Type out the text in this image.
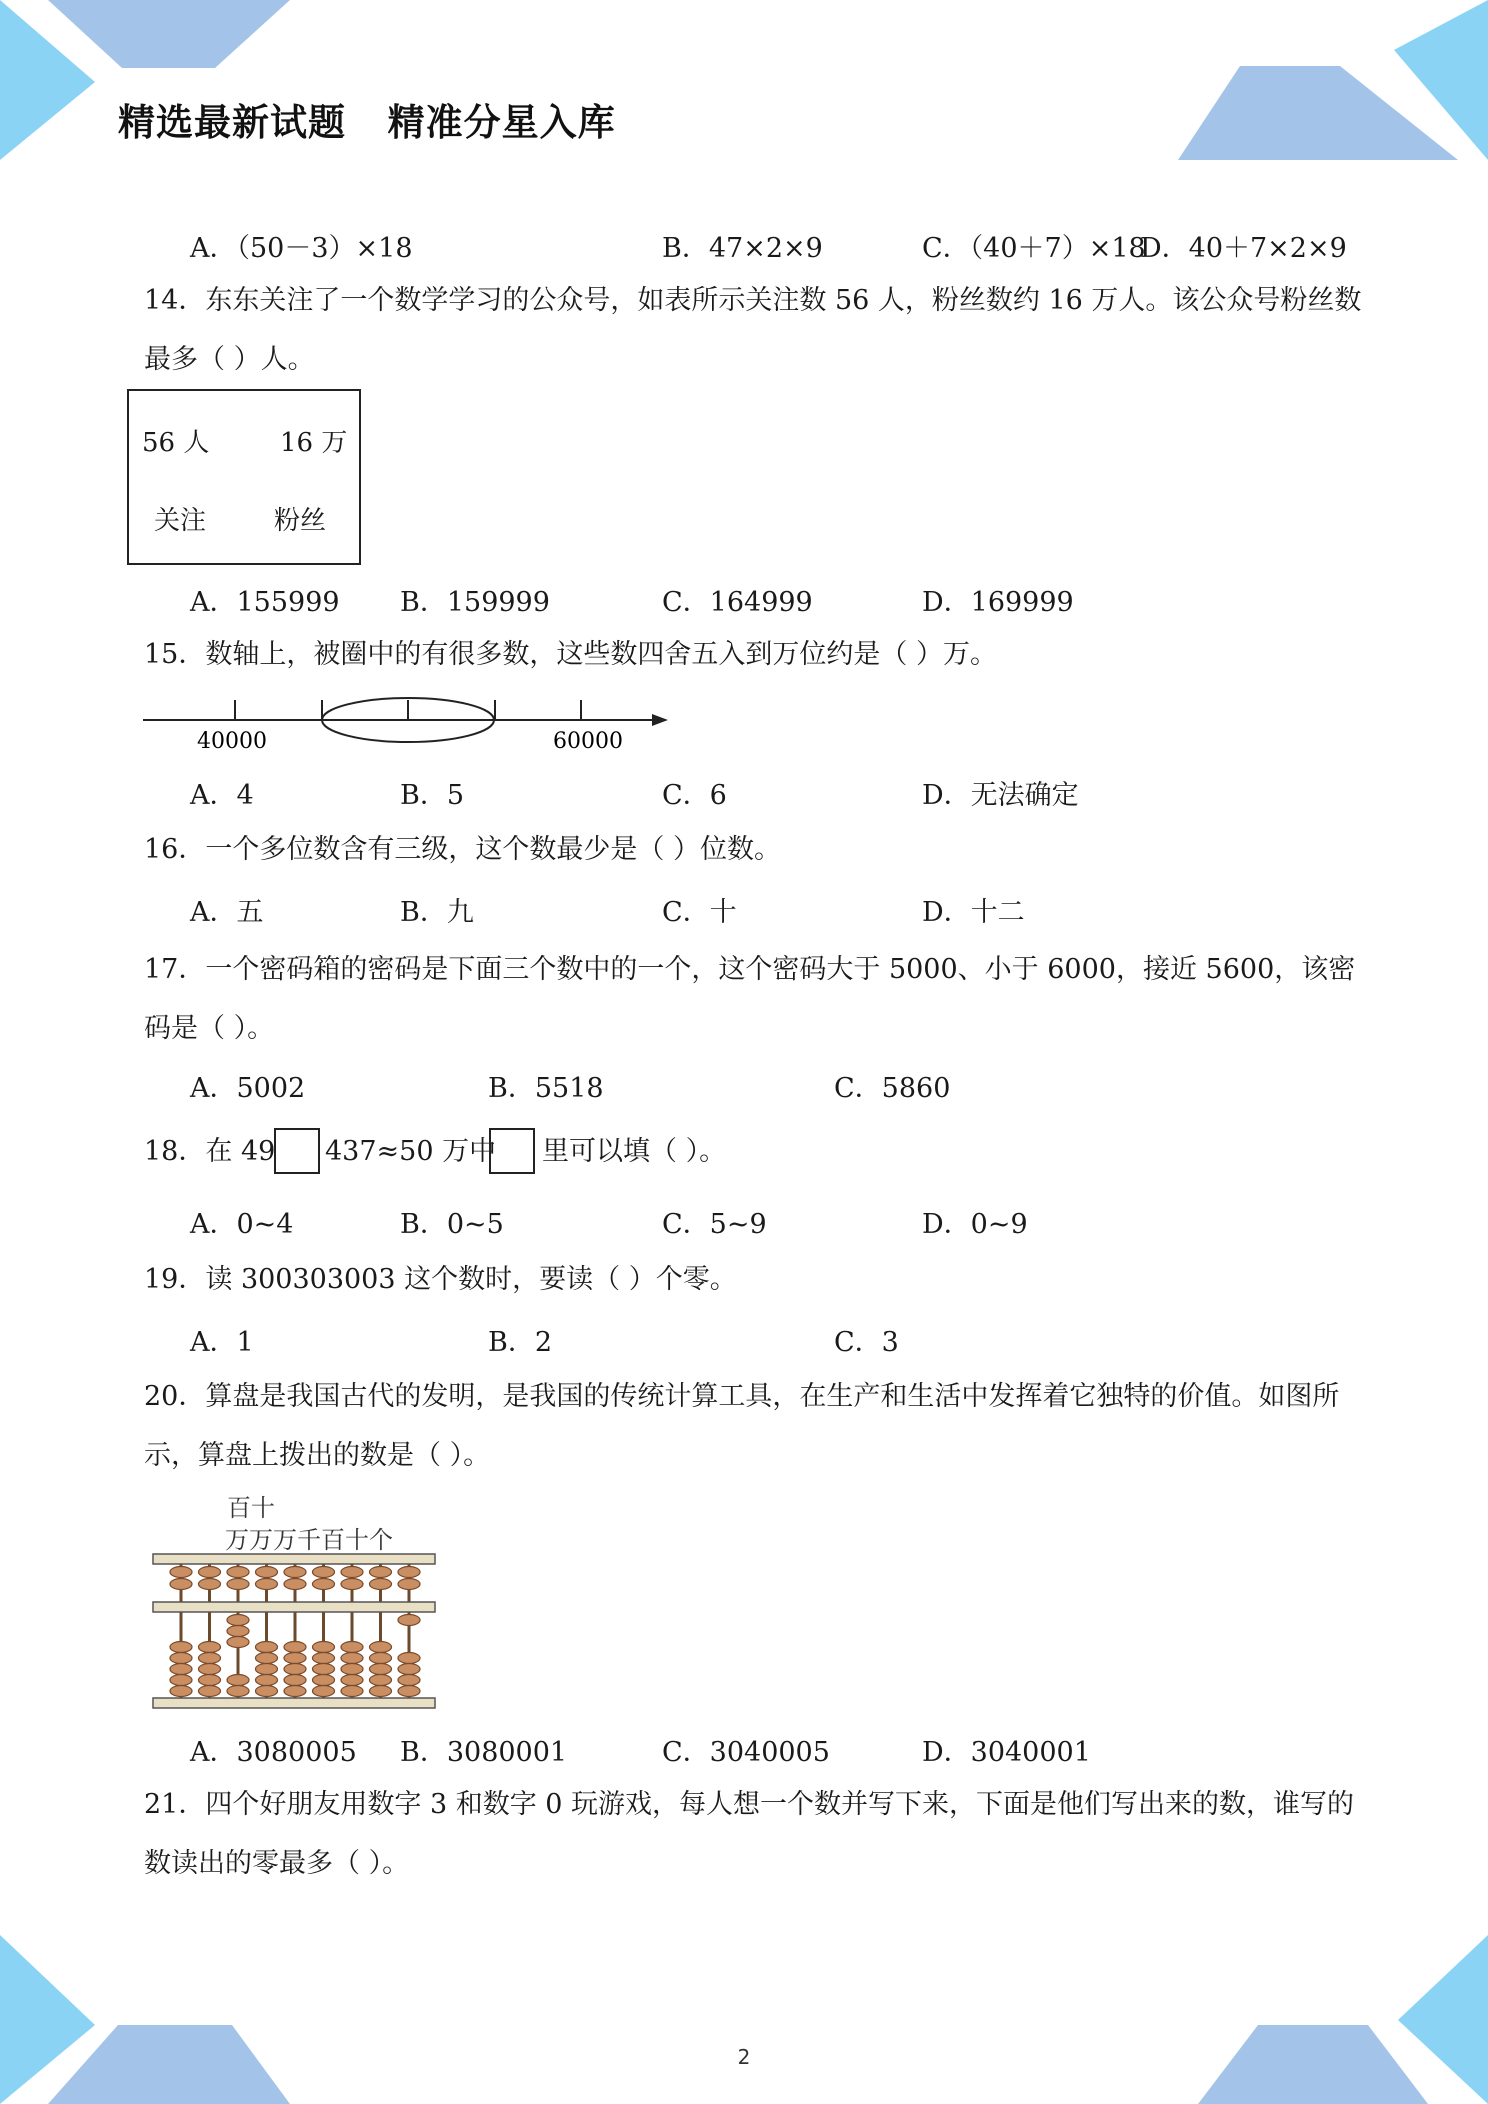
精选最新试题   精准分星入库
A．（50－3）×18	B．47×2×9	C．（40＋7）×18
D．40＋7×2×9
14．东东关注了一个数学学习的公众号，如表所示关注数 56 人，粉丝数约 16 万人。该公众号粉丝数最多（ ）人。
56 人	16 万
关注	粉丝
A．155999 B．159999	C．164999	D．169999
15．数轴上，被圈中的有很多数，这些数四舍五入到万位约是（ ）万。
40000	60000
A．4	B．5	C．6	D．无法确定
16．一个多位数含有三级，这个数最少是（ ）位数。
A．五	B．九	C．十	D．十二
17．一个密码箱的密码是下面三个数中的一个，这个密码大于 5000、小于 6000，接近 5600，该密码是（ ）。
A．5002	B．5518	C．5860
18．在 49 437≈50 万中 里可以填（ ）。
A．0~4	B．0~5	C．5~9	D．0~9
19．读 300303003 这个数时，要读（ ）个零。
A．1	B．2	C．3
20．算盘是我国古代的发明，是我国的传统计算工具，在生产和生活中发挥着它独特的价值。如图所示，算盘上拨出的数是（ ）。
百十
万万万千百十个
A．3080005 B．3080001	C．3040005	D．3040001
21．四个好朋友用数字 3 和数字 0 玩游戏，每人想一个数并写下来，下面是他们写出来的数，谁写的数读出的零最多（ ）。
2
